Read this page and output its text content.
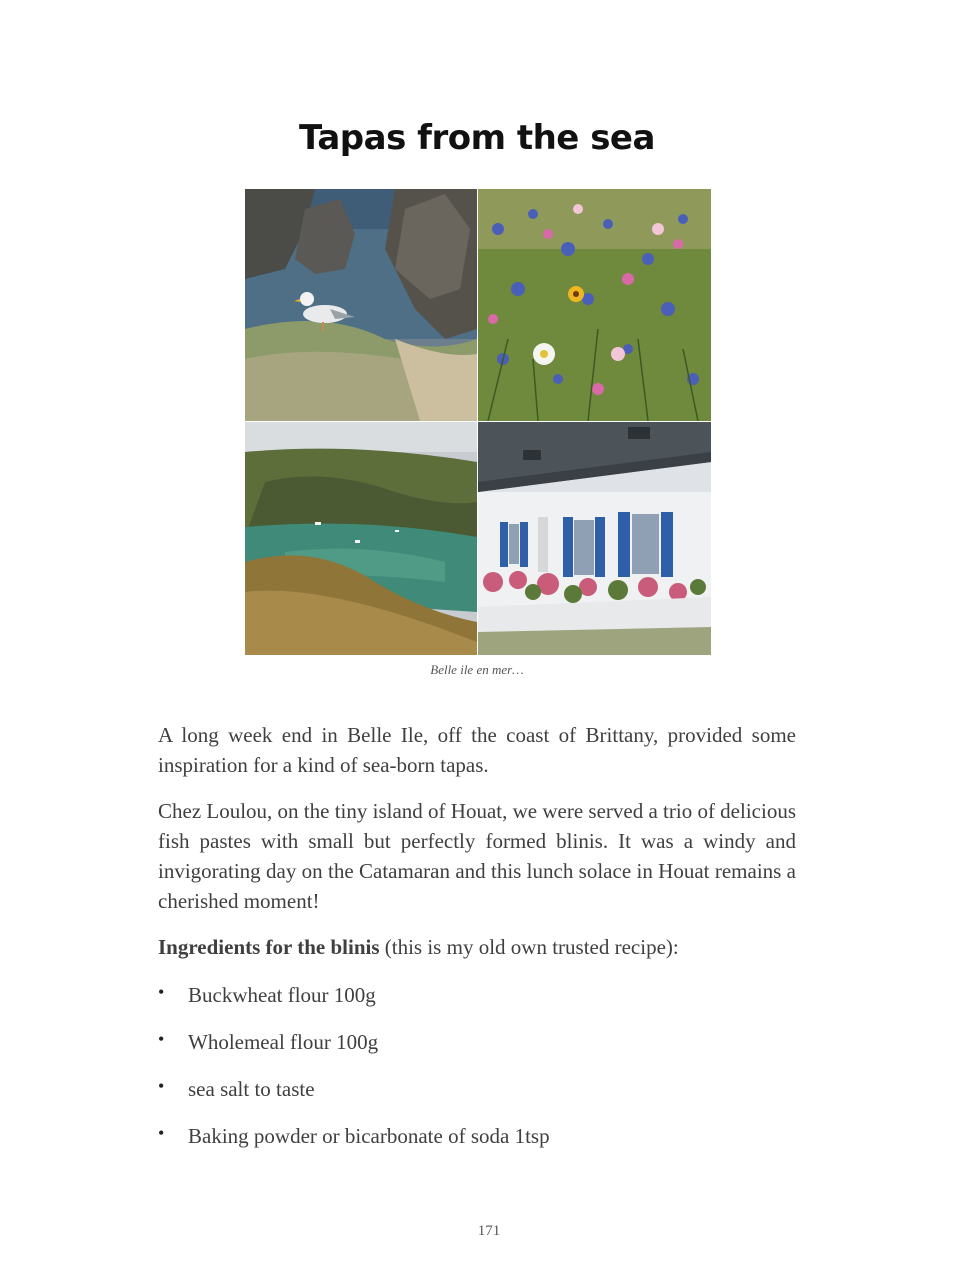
Tapas from the sea
Belle ile en mer…

A long week end in Belle Ile, off the coast of Brittany, provided some inspiration for a kind of sea-born tapas.

Chez Loulou, on the tiny island of Houat, we were served a trio of delicious fish pastes with small but perfectly formed blinis. It was a windy and invigorating day on the Catamaran and this lunch solace in Houat remains a cherished moment!

Ingredients for the blinis (this is my old own trusted recipe):

• Buckwheat flour 100g
• Wholemeal flour 100g
• sea salt to taste
• Baking powder or bicarbonate of soda 1tsp
171
